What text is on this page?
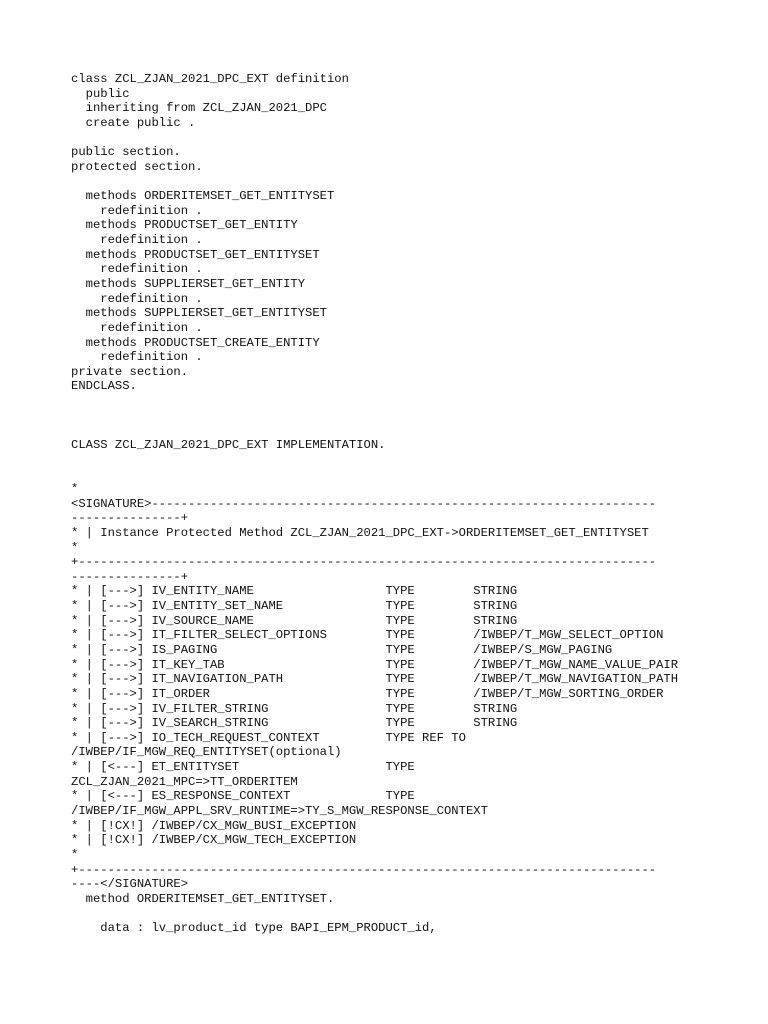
class ZCL_ZJAN_2021_DPC_EXT definition
public
inheriting from ZCL_ZJAN_2021_DPC
create public .
public section.
protected section.
methods ORDERITEMSET_GET_ENTITYSET
redefinition .
methods PRODUCTSET_GET_ENTITY
redefinition .
methods PRODUCTSET_GET_ENTITYSET
redefinition .
methods SUPPLIERSET_GET_ENTITY
redefinition .
methods SUPPLIERSET_GET_ENTITYSET
redefinition .
methods PRODUCTSET_CREATE_ENTITY
redefinition .
private section.
ENDCLASS.
CLASS ZCL_ZJAN_2021_DPC_EXT IMPLEMENTATION.
*
<SIGNATURE>---------------------------------------------------------------------
---------------+
* | Instance Protected Method ZCL_ZJAN_2021_DPC_EXT->ORDERITEMSET_GET_ENTITYSET
*
+-------------------------------------------------------------------------------
---------------+
* | [--->] IV_ENTITY_NAME                  TYPE        STRING
* | [--->] IV_ENTITY_SET_NAME              TYPE        STRING
* | [--->] IV_SOURCE_NAME                  TYPE        STRING
* | [--->] IT_FILTER_SELECT_OPTIONS        TYPE        /IWBEP/T_MGW_SELECT_OPTION
* | [--->] IS_PAGING                       TYPE        /IWBEP/S_MGW_PAGING
* | [--->] IT_KEY_TAB                      TYPE        /IWBEP/T_MGW_NAME_VALUE_PAIR
* | [--->] IT_NAVIGATION_PATH              TYPE        /IWBEP/T_MGW_NAVIGATION_PATH
* | [--->] IT_ORDER                        TYPE        /IWBEP/T_MGW_SORTING_ORDER
* | [--->] IV_FILTER_STRING                TYPE        STRING
* | [--->] IV_SEARCH_STRING                TYPE        STRING
* | [--->] IO_TECH_REQUEST_CONTEXT         TYPE REF TO
/IWBEP/IF_MGW_REQ_ENTITYSET(optional)
* | [<---] ET_ENTITYSET                    TYPE
ZCL_ZJAN_2021_MPC=>TT_ORDERITEM
* | [<---] ES_RESPONSE_CONTEXT             TYPE
/IWBEP/IF_MGW_APPL_SRV_RUNTIME=>TY_S_MGW_RESPONSE_CONTEXT
* | [!CX!] /IWBEP/CX_MGW_BUSI_EXCEPTION
* | [!CX!] /IWBEP/CX_MGW_TECH_EXCEPTION
*
+-------------------------------------------------------------------------------
----</SIGNATURE>
method ORDERITEMSET_GET_ENTITYSET.
data : lv_product_id type BAPI_EPM_PRODUCT_id,
